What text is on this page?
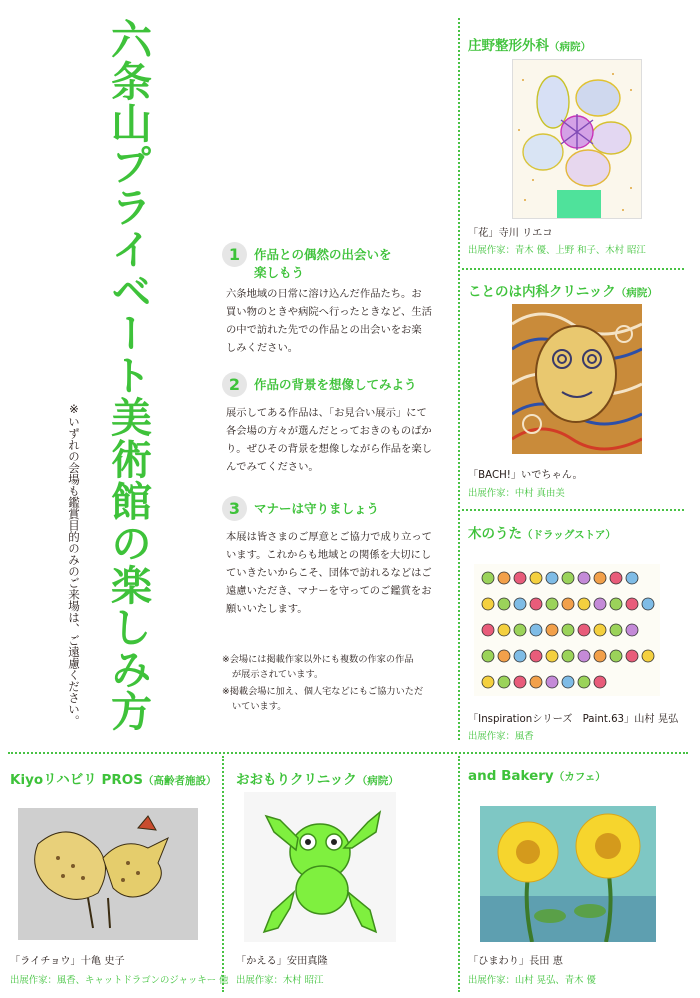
六条山プライベート美術館の楽しみ方
※いずれの会場も鑑賞目的のみのご来場は、ご遠慮ください。
1	作品との偶然の出会いを
楽しもう
六条地域の日常に溶け込んだ作品たち。お
買い物のときや病院へ行ったときなど、生活
の中で訪れた先での作品との出会いをお楽
しみください。
2	作品の背景を想像してみよう
展示してある作品は、「お見合い展示」にて
各会場の方々が選んだとっておきのものばか
り。ぜひその背景を想像しながら作品を楽し
んでみてください。
3	マナーは守りましょう
本展は皆さまのご厚意とご協力で成り立って
います。これからも地域との関係を大切にし
ていきたいからこそ、団体で訪れるなどはご
遠慮いただき、マナーを守ってのご鑑賞をお
願いいたします。
※会場には掲載作家以外にも複数の作家の作品
が展示されています。
※掲載会場に加え、個人宅などにもご協力いただ
いています。
庄野整形外科（病院）
「花」寺川 リエコ
出展作家：青木 優、上野 和子、木村 昭江
ことのは内科クリニック（病院）
「BACH!」いでちゃん。
出展作家：中村 真由美
木のうた（ドラッグストア）
「Inspirationシリーズ　Paint.63」山村 晃弘
出展作家：風香
Kiyoリハビリ PROS（高齢者施設）
「ライチョウ」十亀 史子
出展作家：風香、キャットドラゴンのジャッキー 他
おおもりクリニック（病院）
「かえる」安田真隆
出展作家：木村 昭江
and Bakery（カフェ）
「ひまわり」長田 恵
出展作家：山村 晃弘、青木 優
